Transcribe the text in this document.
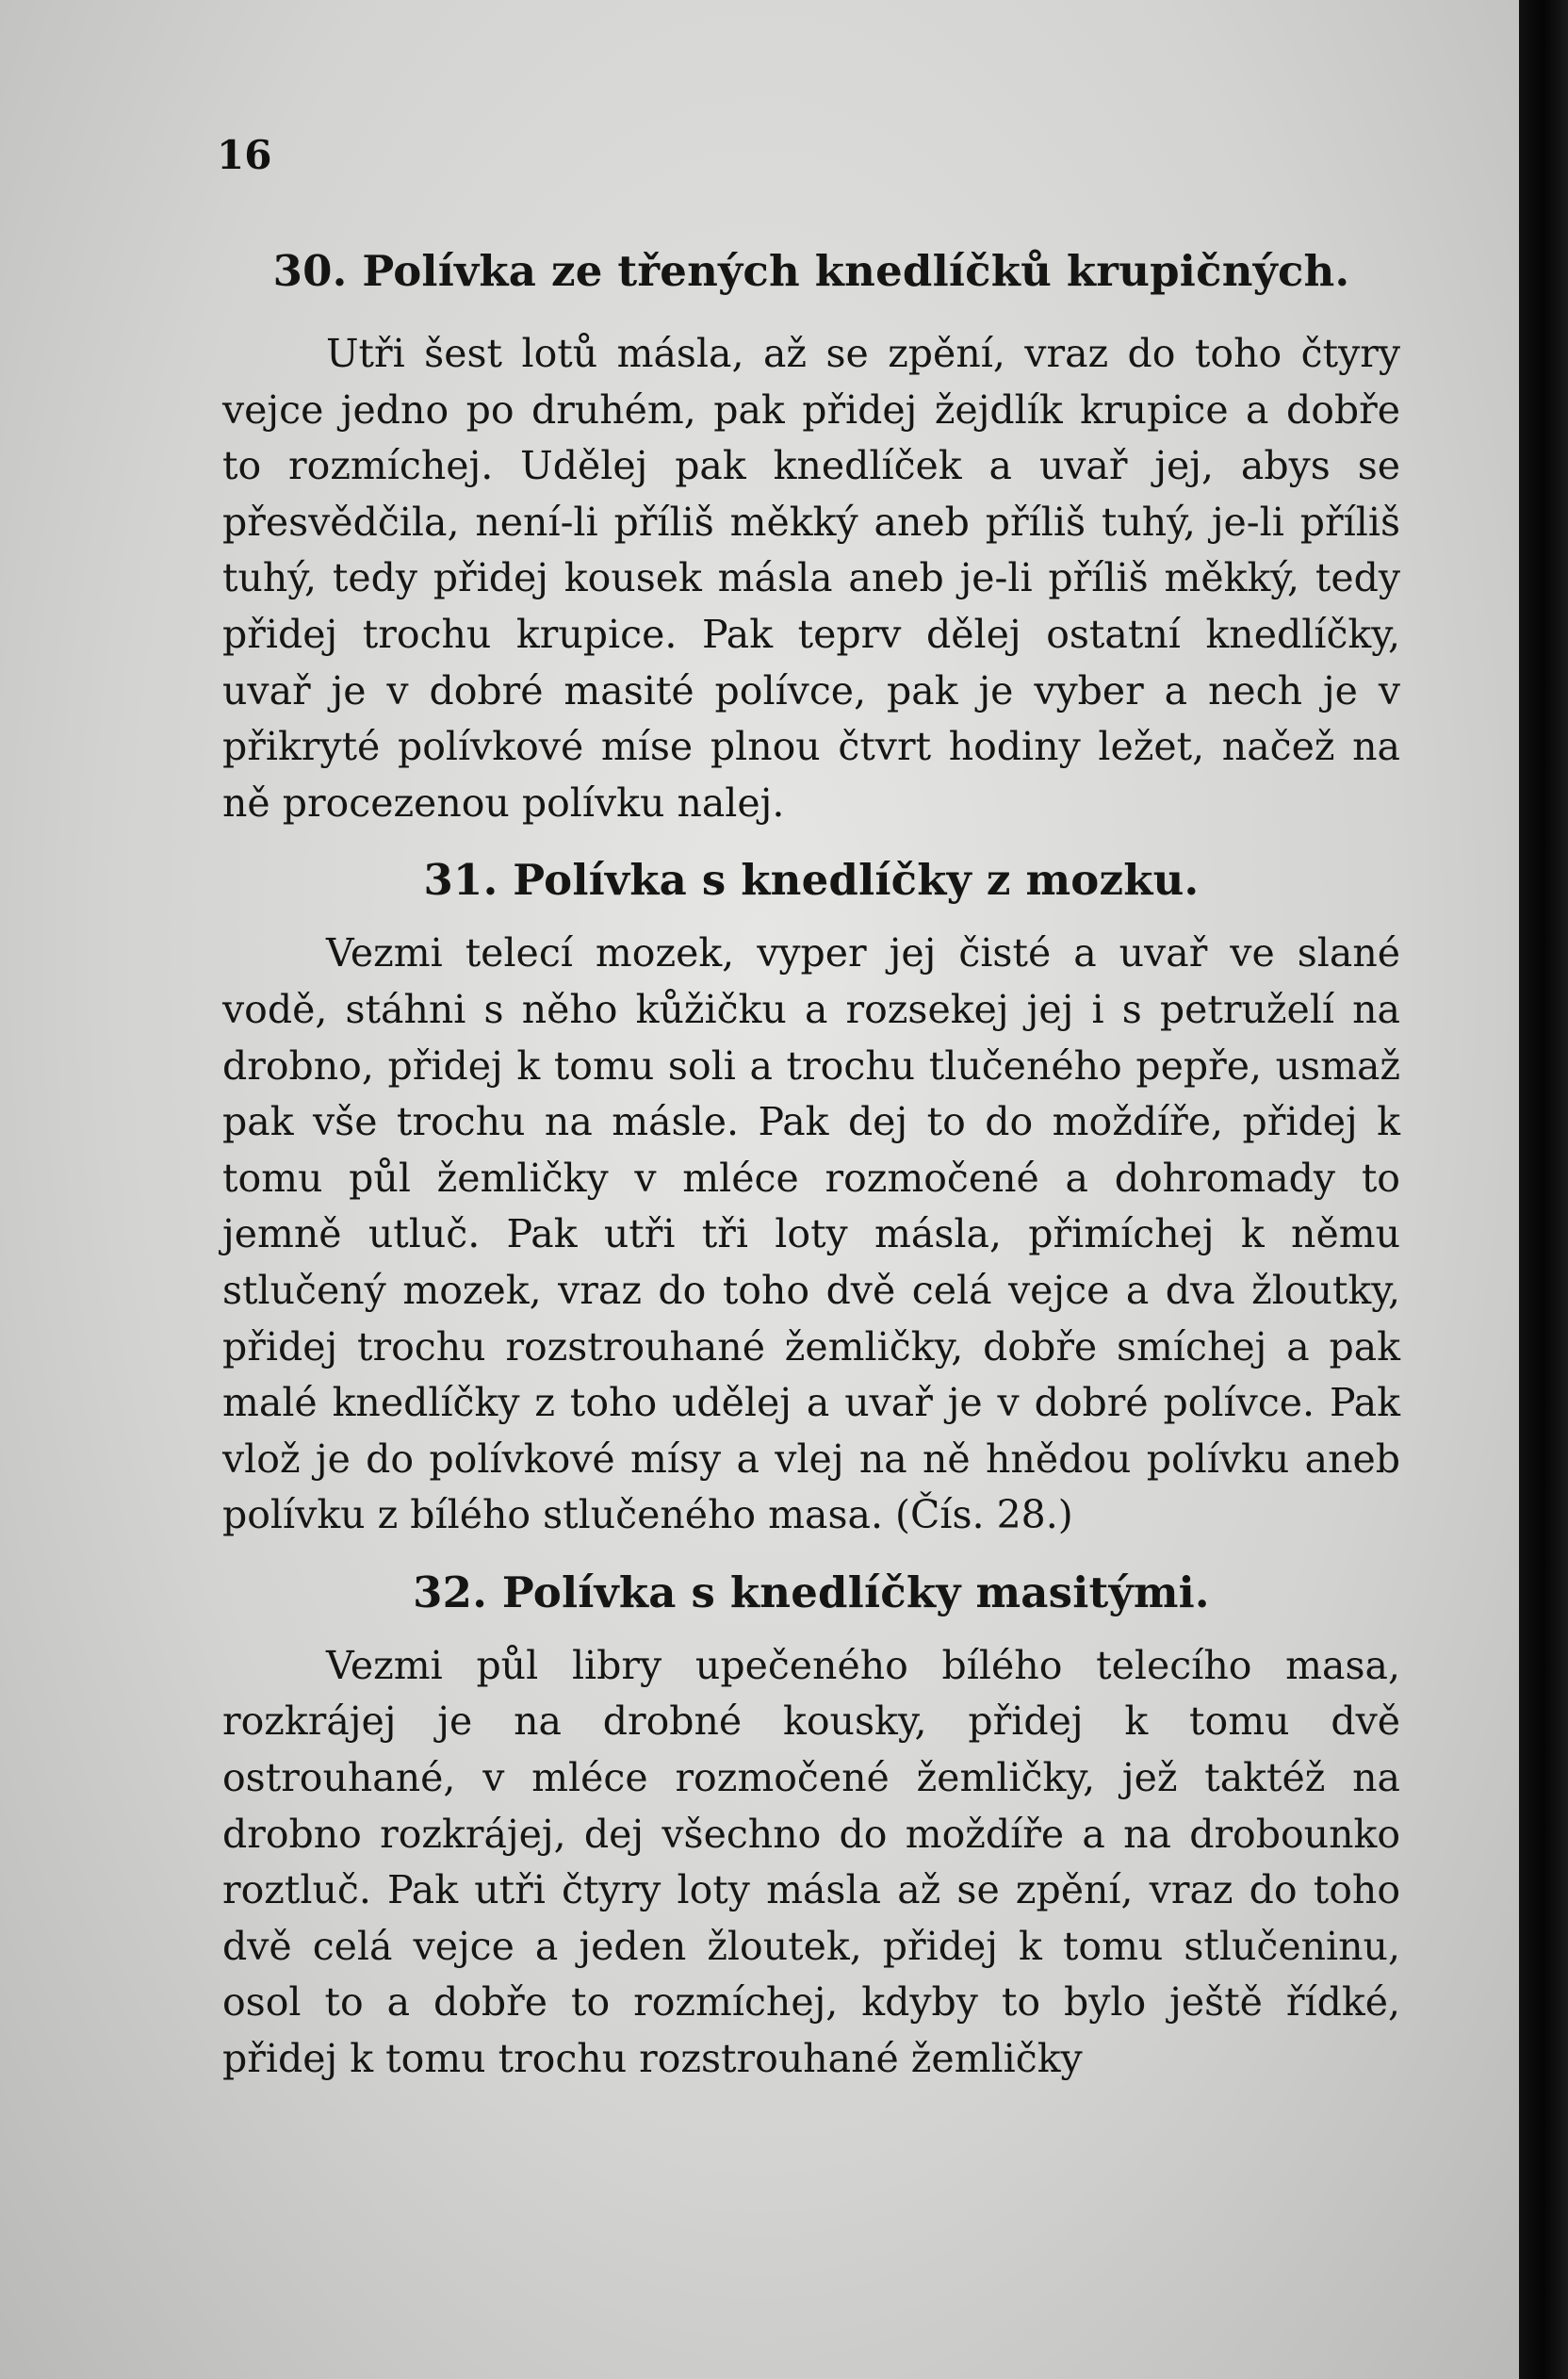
16
30. Polívka ze třených knedlíčků krupičných.

Utři šest lotů másla, až se zpění, vraz do toho čtyry vejce jedno po druhém, pak přidej žejdlík krupice a dobře to rozmíchej. Udělej pak knedlíček a uvař jej, abys se přesvědčila, není-li příliš měkký aneb příliš tuhý, je-li příliš tuhý, tedy přidej kousek másla aneb je-li příliš měkký, tedy přidej trochu krupice. Pak teprv dělej ostatní knedlíčky, uvař je v dobré masité polívce, pak je vyber a nech je v přikryté polívkové míse plnou čtvrt hodiny ležet, načež na ně procezenou polívku nalej.

31. Polívka s knedlíčky z mozku.

Vezmi telecí mozek, vyper jej čisté a uvař ve slané vodě, stáhni s něho kůžičku a rozsekej jej i s petruželí na drobno, přidej k tomu soli a trochu tlučeného pepře, usmaž pak vše trochu na másle. Pak dej to do moždíře, přidej k tomu půl žemličky v mléce rozmočené a dohromady to jemně utluč. Pak utři tři loty másla, přimíchej k němu stlučený mozek, vraz do toho dvě celá vejce a dva žloutky, přidej trochu rozstrouhané žemličky, dobře smíchej a pak malé knedlíčky z toho udělej a uvař je v dobré polívce. Pak vlož je do polívkové mísy a vlej na ně hnědou polívku aneb polívku z bílého stlučeného masa. (Čís. 28.)

32. Polívka s knedlíčky masitými.

Vezmi půl libry upečeného bílého telecího masa, rozkrájej je na drobné kousky, přidej k tomu dvě ostrouhané, v mléce rozmočené žemličky, jež taktéž na drobno rozkrájej, dej všechno do moždíře a na drobounko roztluč. Pak utři čtyry loty másla až se zpění, vraz do toho dvě celá vejce a jeden žloutek, přidej k tomu stlučeninu, osol to a dobře to rozmíchej, kdyby to bylo ještě řídké, přidej k tomu trochu rozstrouhané žemličky
